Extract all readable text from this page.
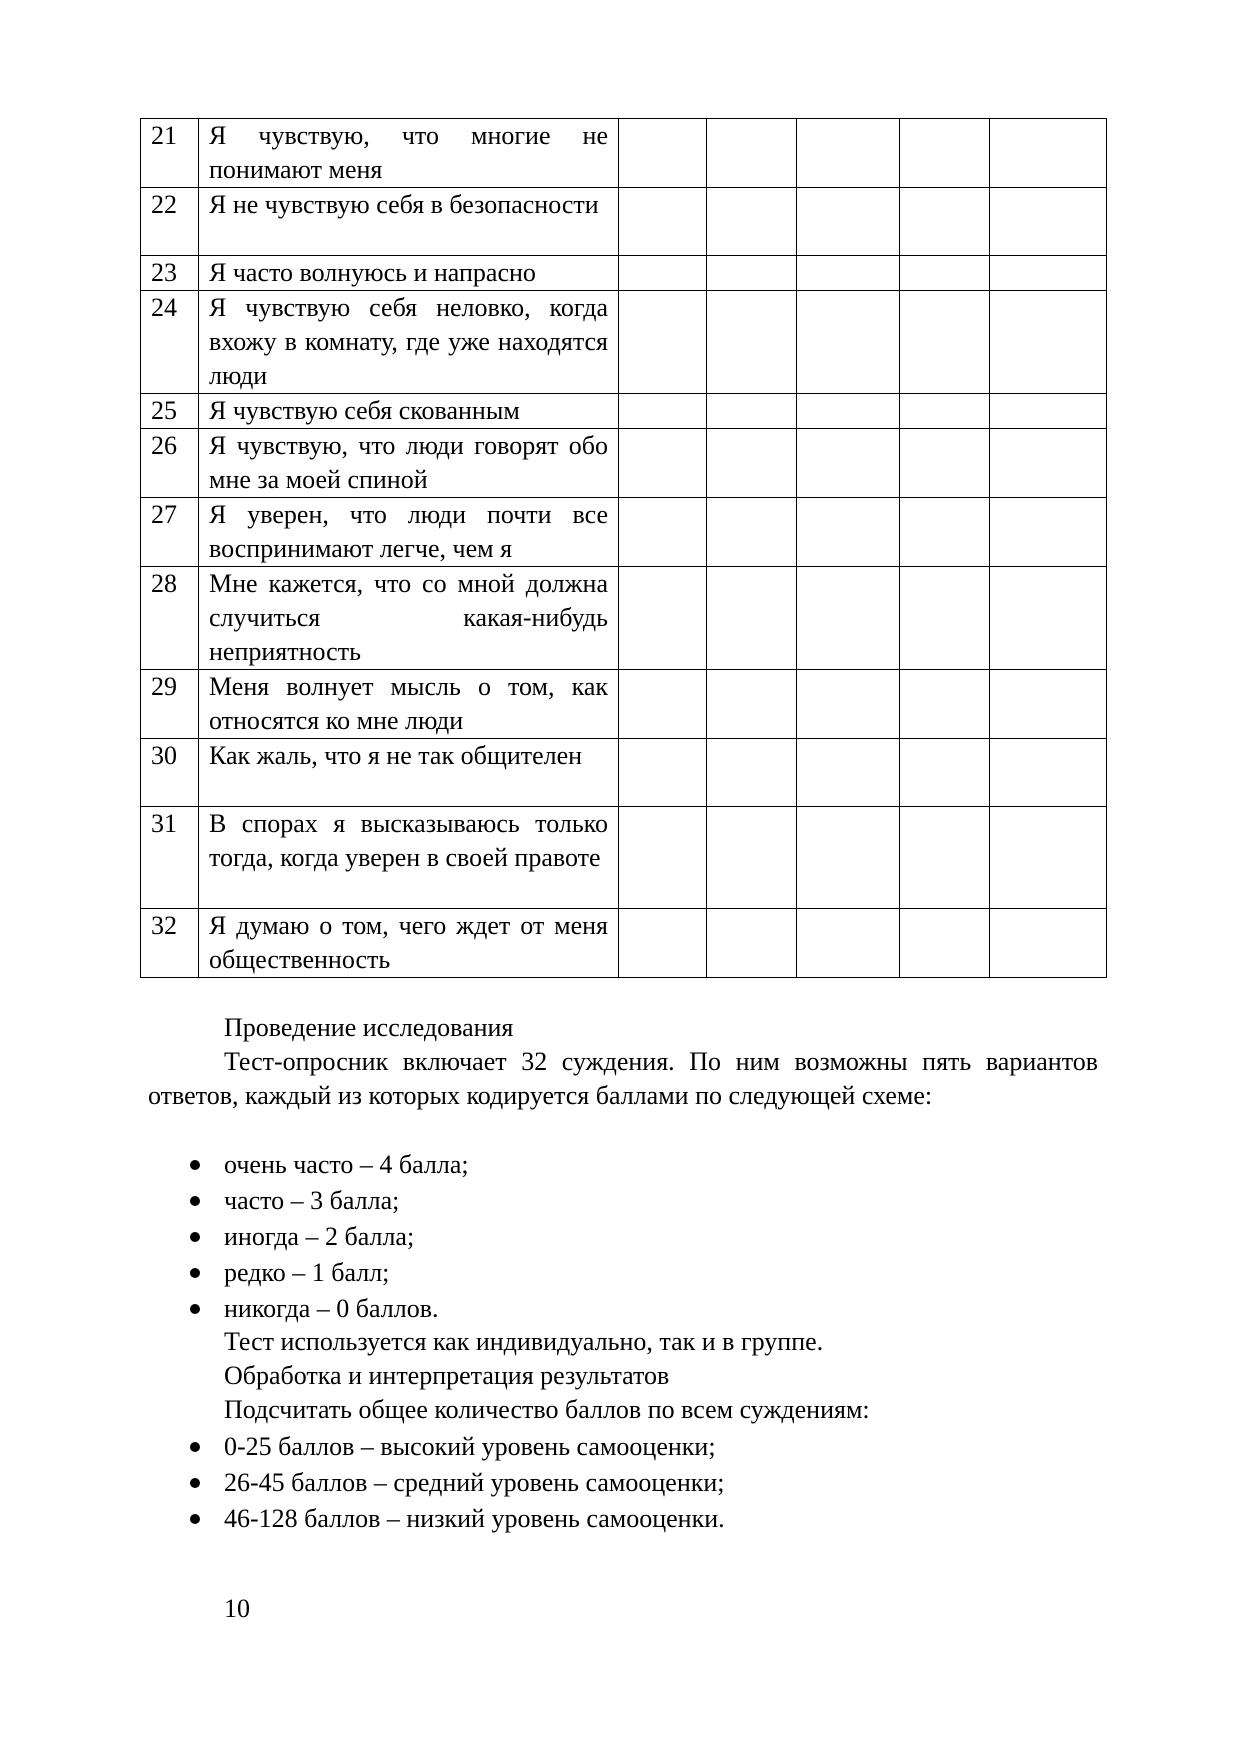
21	Я чувствую, что многие не понимают меня					
22	Я не чувствую себя в безопасности					
23	Я часто волнуюсь и напрасно					
24	Я чувствую себя неловко, когда вхожу в комнату, где уже находятся люди					
25	Я чувствую себя скованным					
26	Я чувствую, что люди говорят обо мне за моей спиной					
27	Я уверен, что люди почти все воспринимают легче, чем я					
28	Мне кажется, что со мной должна случиться какая-нибудь неприятность					
29	Меня волнует мысль о том, как относятся ко мне люди					
30	Как жаль, что я не так общителен					
31	В спорах я высказываюсь только тогда, когда уверен в своей правоте					
32	Я думаю о том, чего ждет от меня общественность					
Проведение исследования
Тест-опросник включает 32 суждения. По ним возможны пять вариантов ответов, каждый из которых кодируется баллами по следующей схеме:
очень часто – 4 балла;
часто – 3 балла;
иногда – 2 балла;
редко – 1 балл;
никогда – 0 баллов.
Тест используется как индивидуально, так и в группе.
Обработка и интерпретация результатов
Подсчитать общее количество баллов по всем суждениям:
0-25 баллов – высокий уровень самооценки;
26-45 баллов – средний уровень самооценки;
46-128 баллов – низкий уровень самооценки.
10
